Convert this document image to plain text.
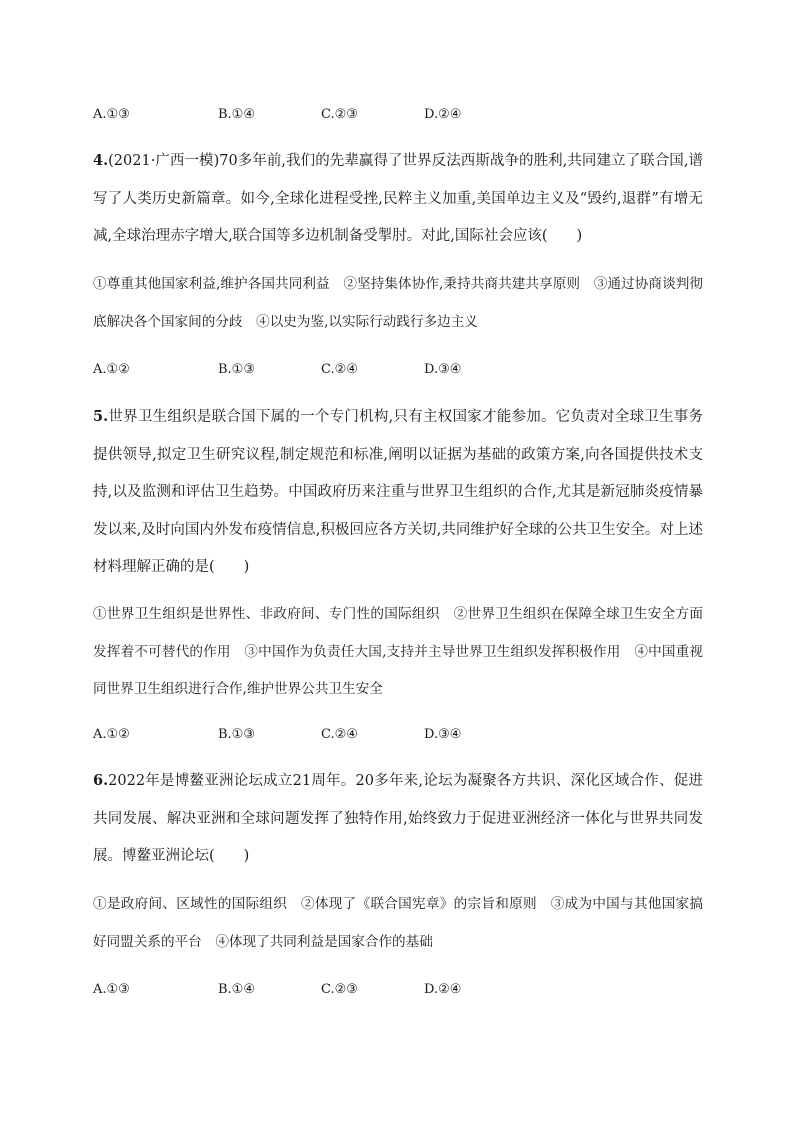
A.①③	B.①④	C.②③	D.②④
4.(2021·广西一模)70多年前,我们的先辈赢得了世界反法西斯战争的胜利,共同建立了联合国,谱写了人类历史新篇章。如今,全球化进程受挫,民粹主义加重,美国单边主义及“毁约,退群”有增无减,全球治理赤字增大,联合国等多边机制备受掣肘。对此,国际社会应该(　　)
①尊重其他国家利益,维护各国共同利益　②坚持集体协作,秉持共商共建共享原则　③通过协商谈判彻底解决各个国家间的分歧　④以史为鉴,以实际行动践行多边主义
A.①②	B.①③	C.②④	D.③④
5.世界卫生组织是联合国下属的一个专门机构,只有主权国家才能参加。它负责对全球卫生事务提供领导,拟定卫生研究议程,制定规范和标准,阐明以证据为基础的政策方案,向各国提供技术支持,以及监测和评估卫生趋势。中国政府历来注重与世界卫生组织的合作,尤其是新冠肺炎疫情暴发以来,及时向国内外发布疫情信息,积极回应各方关切,共同维护好全球的公共卫生安全。对上述材料理解正确的是(　　)
①世界卫生组织是世界性、非政府间、专门性的国际组织　②世界卫生组织在保障全球卫生安全方面发挥着不可替代的作用　③中国作为负责任大国,支持并主导世界卫生组织发挥积极作用　④中国重视同世界卫生组织进行合作,维护世界公共卫生安全
A.①②	B.①③	C.②④	D.③④
6.2022年是博鳌亚洲论坛成立21周年。20多年来,论坛为凝聚各方共识、深化区域合作、促进共同发展、解决亚洲和全球问题发挥了独特作用,始终致力于促进亚洲经济一体化与世界共同发展。博鳌亚洲论坛(　　)
①是政府间、区域性的国际组织　②体现了《联合国宪章》的宗旨和原则　③成为中国与其他国家搞好同盟关系的平台　④体现了共同利益是国家合作的基础
A.①③	B.①④	C.②③	D.②④
